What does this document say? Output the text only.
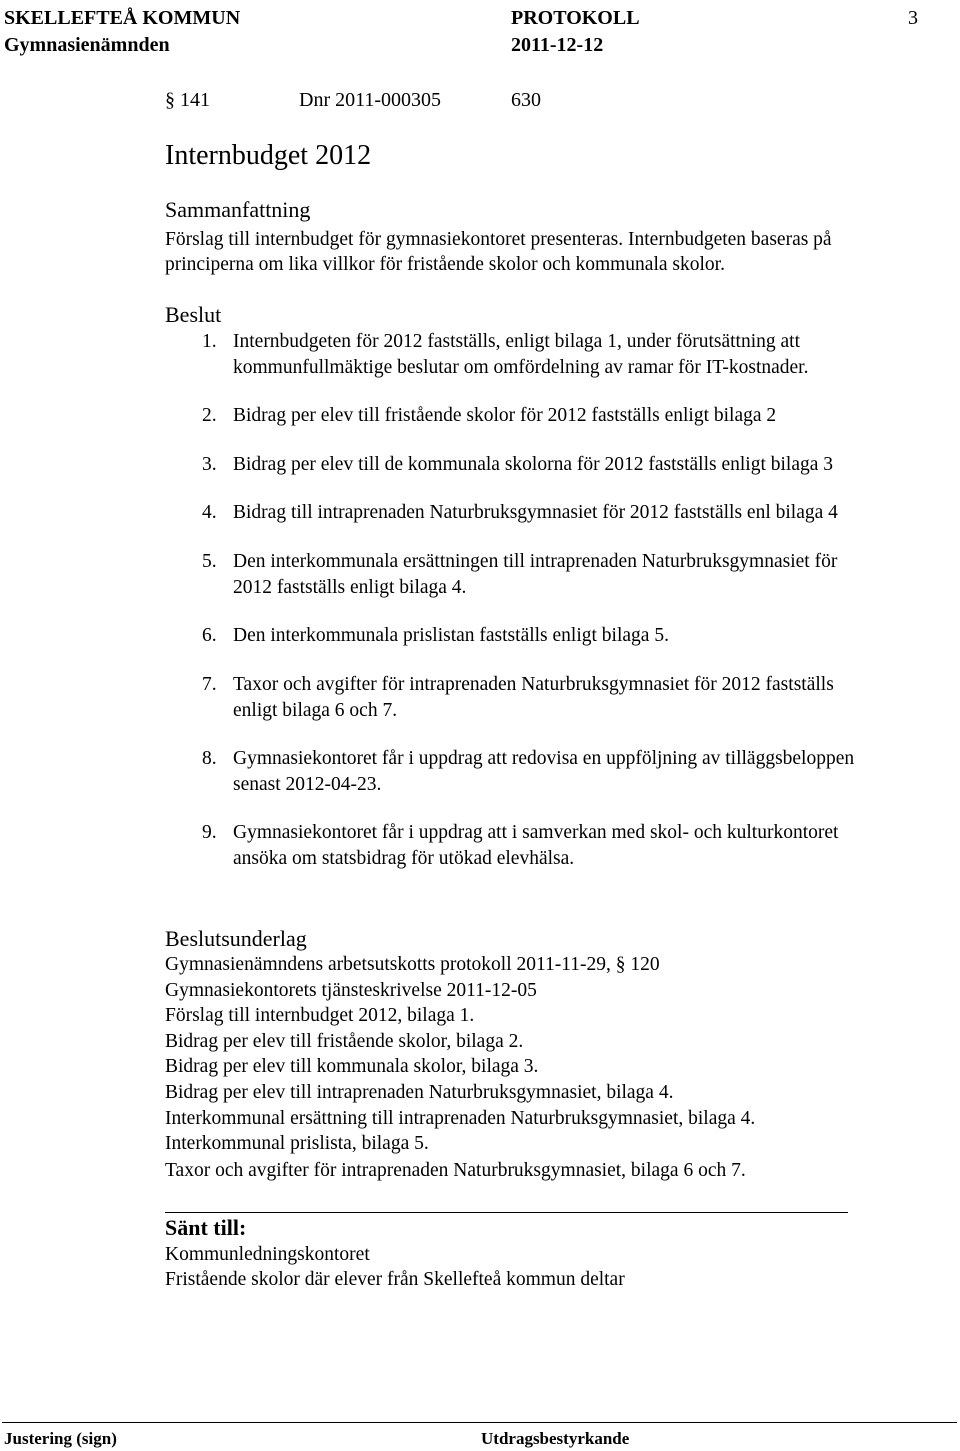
SKELLEFTEÅ KOMMUN
Gymnasienämnden
PROTOKOLL
2011-12-12
3
§ 141	Dnr 2011-000305	630
Internbudget 2012
Sammanfattning
Förslag till internbudget för gymnasiekontoret presenteras. Internbudgeten baseras på
principerna om lika villkor för fristående skolor och kommunala skolor.
Beslut
1. Internbudgeten för 2012 fastställs, enligt bilaga 1, under förutsättning att
kommunfullmäktige beslutar om omfördelning av ramar för IT-kostnader.
2. Bidrag per elev till fristående skolor för 2012 fastställs enligt bilaga 2
3. Bidrag per elev till de kommunala skolorna för 2012 fastställs enligt bilaga 3
4. Bidrag till intraprenaden Naturbruksgymnasiet för 2012 fastställs enl bilaga 4
5. Den interkommunala ersättningen till intraprenaden Naturbruksgymnasiet för
2012 fastställs enligt bilaga 4.
6. Den interkommunala prislistan fastställs enligt bilaga 5.
7. Taxor och avgifter för intraprenaden Naturbruksgymnasiet för 2012 fastställs
enligt bilaga 6 och 7.
8. Gymnasiekontoret får i uppdrag att redovisa en uppföljning av tilläggsbeloppen
senast 2012-04-23.
9. Gymnasiekontoret får i uppdrag att i samverkan med skol- och kulturkontoret
ansöka om statsbidrag för utökad elevhälsa.
Beslutsunderlag
Gymnasienämndens arbetsutskotts protokoll 2011-11-29, § 120
Gymnasiekontorets tjänsteskrivelse 2011-12-05
Förslag till internbudget 2012, bilaga 1.
Bidrag per elev till fristående skolor, bilaga 2.
Bidrag per elev till kommunala skolor, bilaga 3.
Bidrag per elev till intraprenaden Naturbruksgymnasiet, bilaga 4.
Interkommunal ersättning till intraprenaden Naturbruksgymnasiet, bilaga 4.
Interkommunal prislista, bilaga 5.
Taxor och avgifter för intraprenaden Naturbruksgymnasiet, bilaga 6 och 7.
Sänt till:
Kommunledningskontoret
Fristående skolor där elever från Skellefteå kommun deltar
Justering (sign)	Utdragsbestyrkande
